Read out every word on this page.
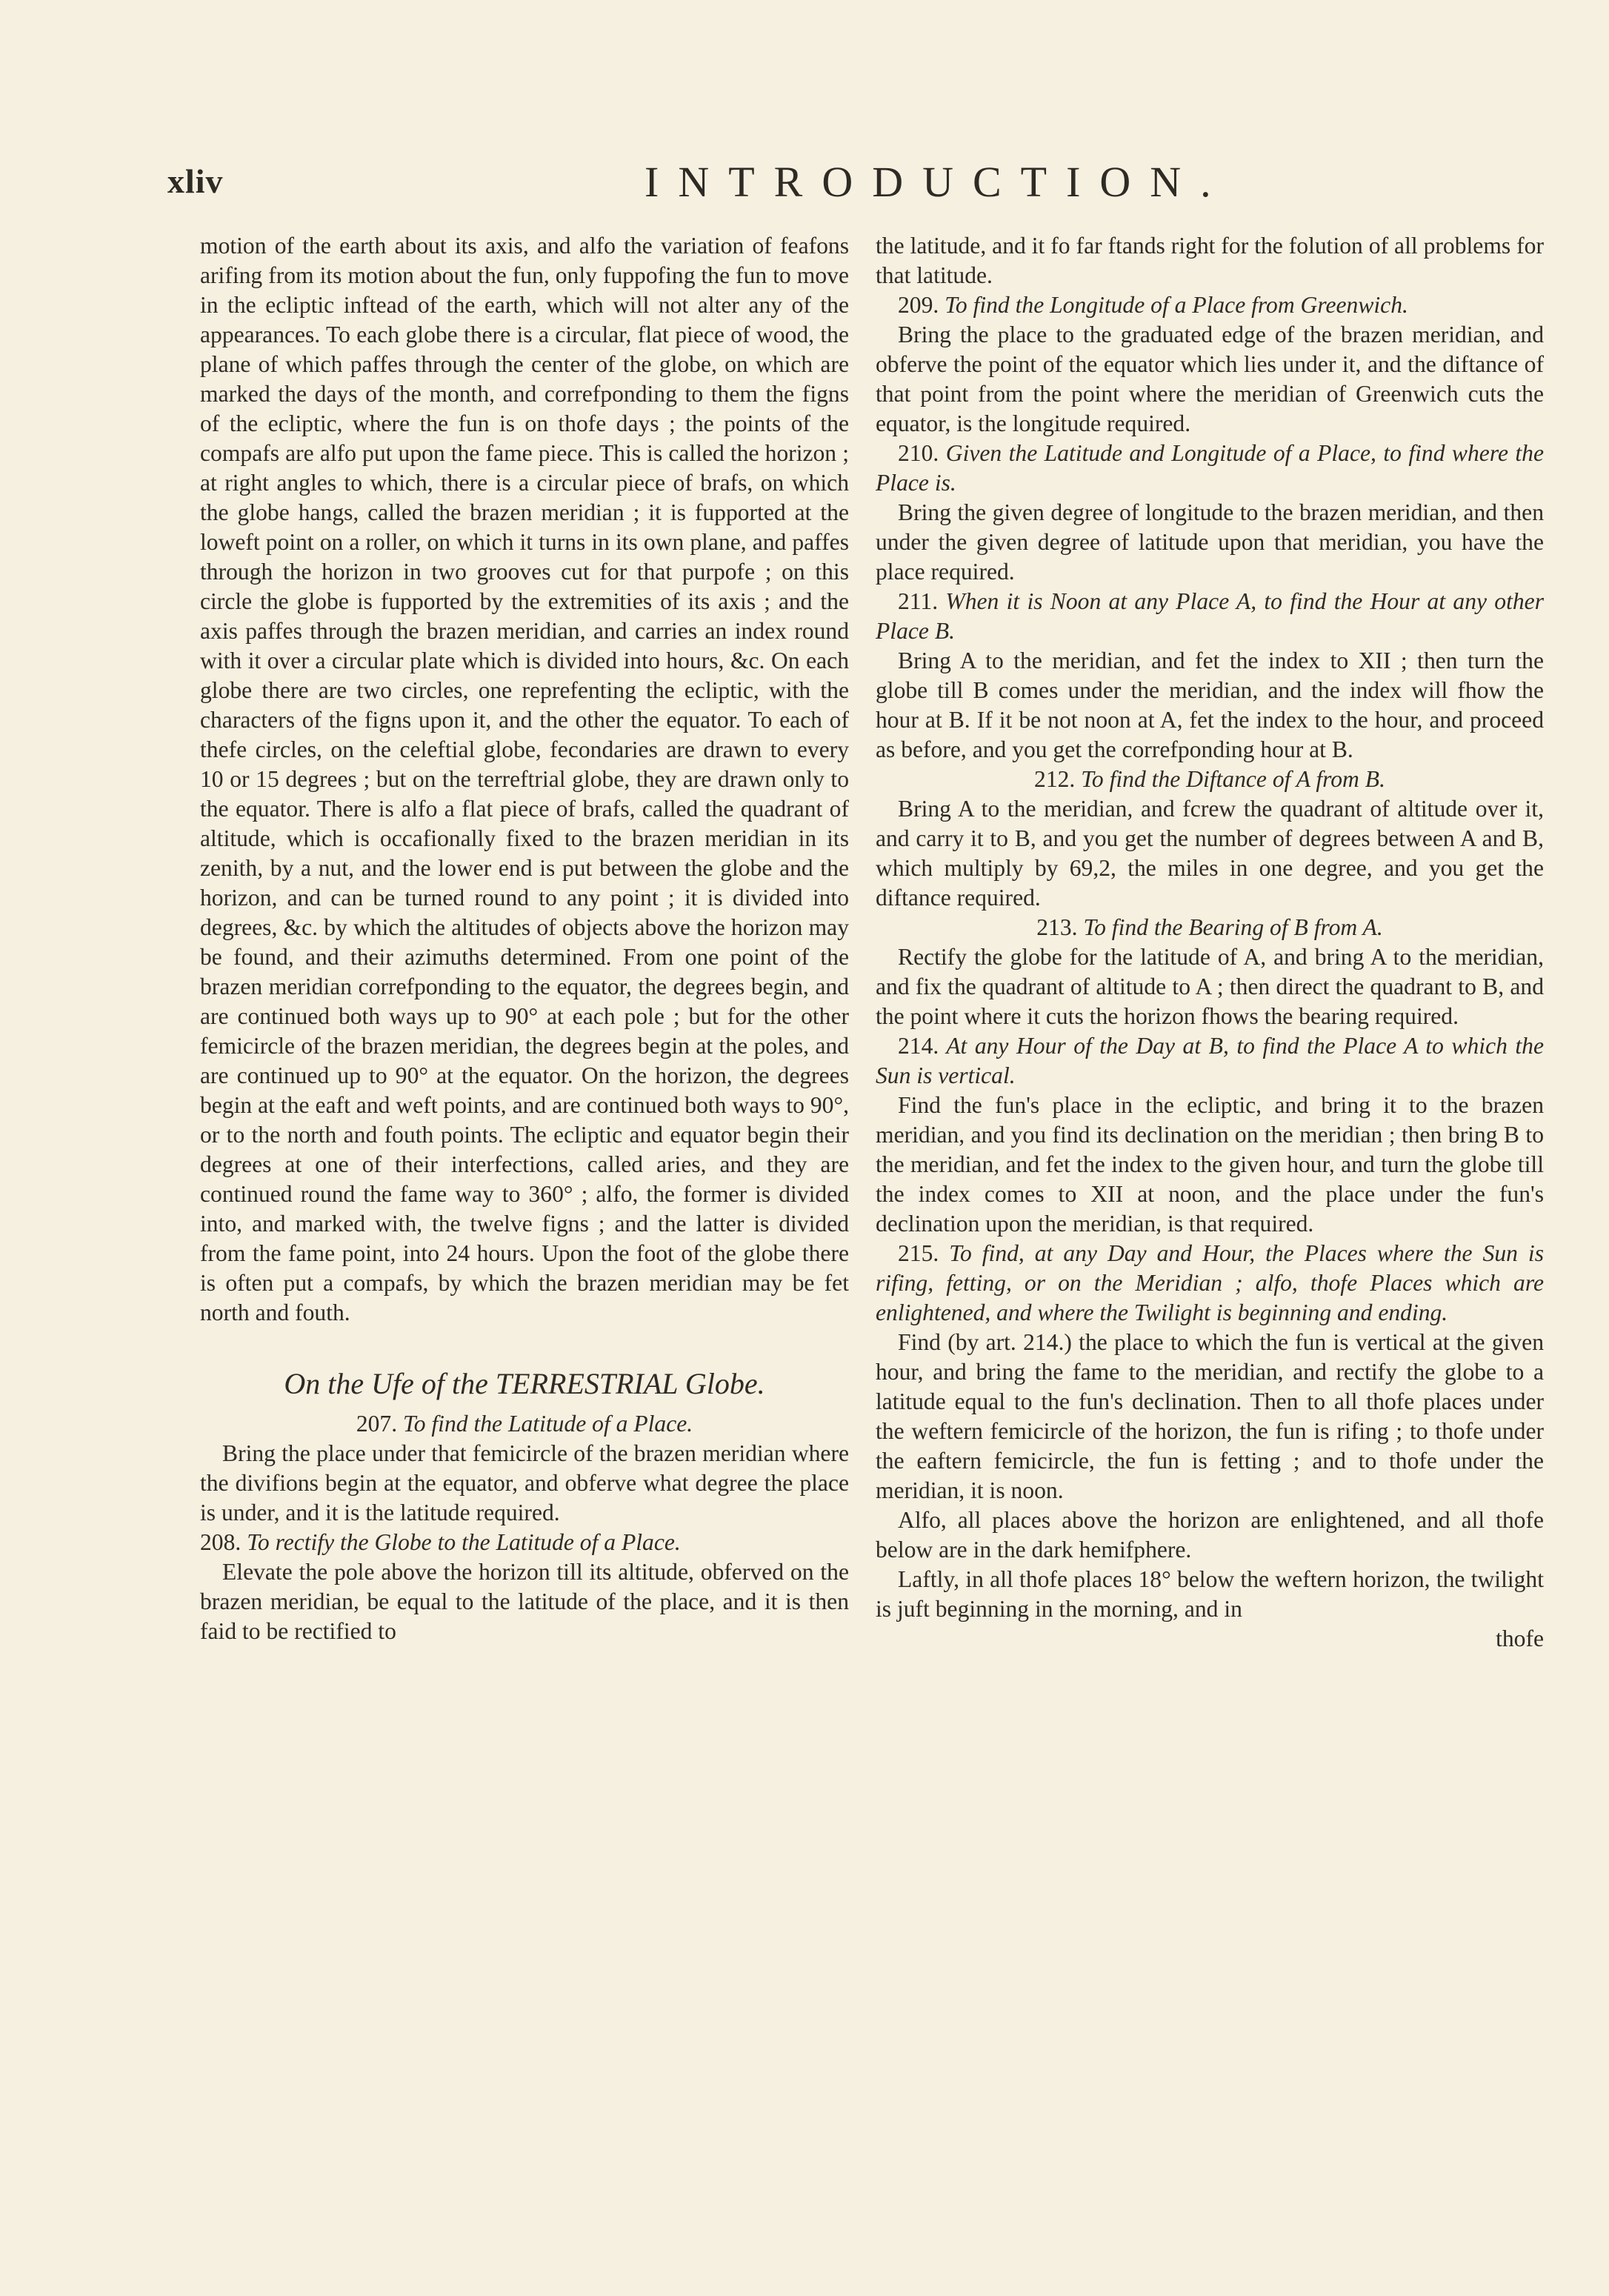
xliv	INTRODUCTION.

motion of the earth about its axis, and alfo the variation of feafons arifing from its motion about the fun, only fuppofing the fun to move in the ecliptic inftead of the earth, which will not alter any of the appearances. To each globe there is a circular, flat piece of wood, the plane of which paffes through the center of the globe, on which are marked the days of the month, and correfponding to them the figns of the ecliptic, where the fun is on thofe days ; the points of the compafs are alfo put upon the fame piece. This is called the horizon ; at right angles to which, there is a circular piece of brafs, on which the globe hangs, called the brazen meridian ; it is fupported at the loweft point on a roller, on which it turns in its own plane, and paffes through the horizon in two grooves cut for that purpofe ; on this circle the globe is fupported by the extremities of its axis ; and the axis paffes through the brazen meridian, and carries an index round with it over a circular plate which is divided into hours, &c. On each globe there are two circles, one reprefenting the ecliptic, with the characters of the figns upon it, and the other the equator. To each of thefe circles, on the celeftial globe, fecondaries are drawn to every 10 or 15 degrees ; but on the terreftrial globe, they are drawn only to the equator. There is alfo a flat piece of brafs, called the quadrant of altitude, which is occafionally fixed to the brazen meridian in its zenith, by a nut, and the lower end is put between the globe and the horizon, and can be turned round to any point ; it is divided into degrees, &c. by which the altitudes of objects above the horizon may be found, and their azimuths determined. From one point of the brazen meridian correfponding to the equator, the degrees begin, and are continued both ways up to 90° at each pole ; but for the other femicircle of the brazen meridian, the degrees begin at the poles, and are continued up to 90° at the equator. On the horizon, the degrees begin at the eaft and weft points, and are continued both ways to 90°, or to the north and fouth points. The ecliptic and equator begin their degrees at one of their interfections, called aries, and they are continued round the fame way to 360° ; alfo, the former is divided into, and marked with, the twelve figns ; and the latter is divided from the fame point, into 24 hours. Upon the foot of the globe there is often put a compafs, by which the brazen meridian may be fet north and fouth.

On the Ufe of the TERRESTRIAL Globe.

207. To find the Latitude of a Place.

Bring the place under that femicircle of the brazen meridian where the divifions begin at the equator, and obferve what degree the place is under, and it is the latitude required.

208. To rectify the Globe to the Latitude of a Place.

Elevate the pole above the horizon till its altitude, obferved on the brazen meridian, be equal to the latitude of the place, and it is then faid to be rectified to

the latitude, and it fo far ftands right for the folution of all problems for that latitude.

209. To find the Longitude of a Place from Greenwich.

Bring the place to the graduated edge of the brazen meridian, and obferve the point of the equator which lies under it, and the diftance of that point from the point where the meridian of Greenwich cuts the equator, is the longitude required.

210. Given the Latitude and Longitude of a Place, to find where the Place is.

Bring the given degree of longitude to the brazen meridian, and then under the given degree of latitude upon that meridian, you have the place required.

211. When it is Noon at any Place A, to find the Hour at any other Place B.

Bring A to the meridian, and fet the index to XII ; then turn the globe till B comes under the meridian, and the index will fhow the hour at B. If it be not noon at A, fet the index to the hour, and proceed as before, and you get the correfponding hour at B.

212. To find the Diftance of A from B.

Bring A to the meridian, and fcrew the quadrant of altitude over it, and carry it to B, and you get the number of degrees between A and B, which multiply by 69,2, the miles in one degree, and you get the diftance required.

213. To find the Bearing of B from A.

Rectify the globe for the latitude of A, and bring A to the meridian, and fix the quadrant of altitude to A ; then direct the quadrant to B, and the point where it cuts the horizon fhows the bearing required.

214. At any Hour of the Day at B, to find the Place A to which the Sun is vertical.

Find the fun's place in the ecliptic, and bring it to the brazen meridian, and you find its declination on the meridian ; then bring B to the meridian, and fet the index to the given hour, and turn the globe till the index comes to XII at noon, and the place under the fun's declination upon the meridian, is that required.

215. To find, at any Day and Hour, the Places where the Sun is rifing, fetting, or on the Meridian ; alfo, thofe Places which are enlightened, and where the Twilight is beginning and ending.

Find (by art. 214.) the place to which the fun is vertical at the given hour, and bring the fame to the meridian, and rectify the globe to a latitude equal to the fun's declination. Then to all thofe places under the weftern femicircle of the horizon, the fun is rifing ; to thofe under the eaftern femicircle, the fun is fetting ; and to thofe under the meridian, it is noon.

Alfo, all places above the horizon are enlightened, and all thofe below are in the dark hemifphere.

Laftly, in all thofe places 18° below the weftern horizon, the twilight is juft beginning in the morning, and in

thofe
